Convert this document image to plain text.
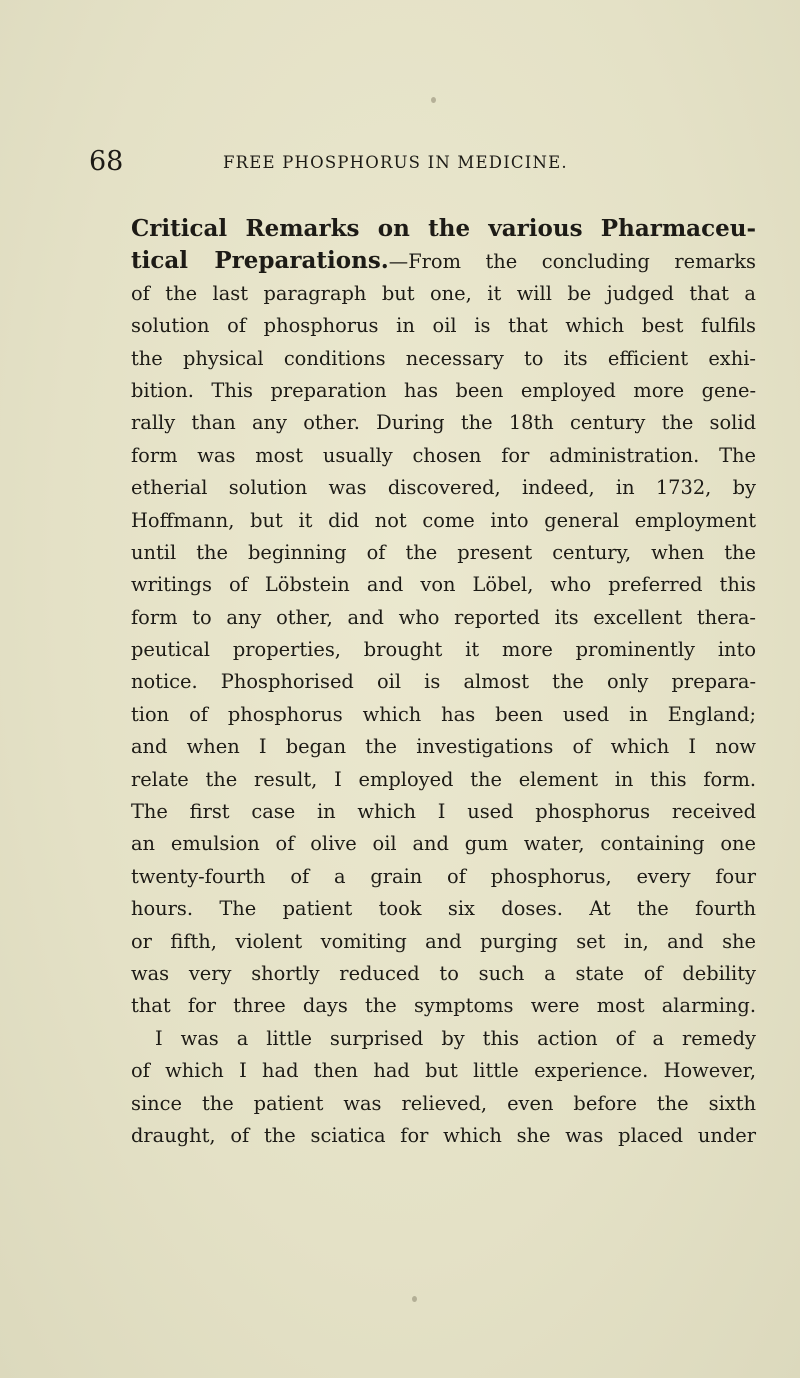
68	FREE PHOSPHORUS IN MEDICINE.
Critical Remarks on the various Pharmaceu-
tical Preparations.—From the concluding remarks
of the last paragraph but one, it will be judged that a
solution of phosphorus in oil is that which best fulfils
the physical conditions necessary to its efficient exhi-
bition. This preparation has been employed more gene-
rally than any other. During the 18th century the solid
form was most usually chosen for administration. The
etherial solution was discovered, indeed, in 1732, by
Hoffmann, but it did not come into general employment
until the beginning of the present century, when the
writings of Löbstein and von Löbel, who preferred this
form to any other, and who reported its excellent thera-
peutical properties, brought it more prominently into
notice. Phosphorised oil is almost the only prepara-
tion of phosphorus which has been used in England;
and when I began the investigations of which I now
relate the result, I employed the element in this form.
The first case in which I used phosphorus received
an emulsion of olive oil and gum water, containing one
twenty-fourth of a grain of phosphorus, every four
hours. The patient took six doses. At the fourth
or fifth, violent vomiting and purging set in, and she
was very shortly reduced to such a state of debility
that for three days the symptoms were most alarming.
I was a little surprised by this action of a remedy
of which I had then had but little experience. However,
since the patient was relieved, even before the sixth
draught, of the sciatica for which she was placed under
